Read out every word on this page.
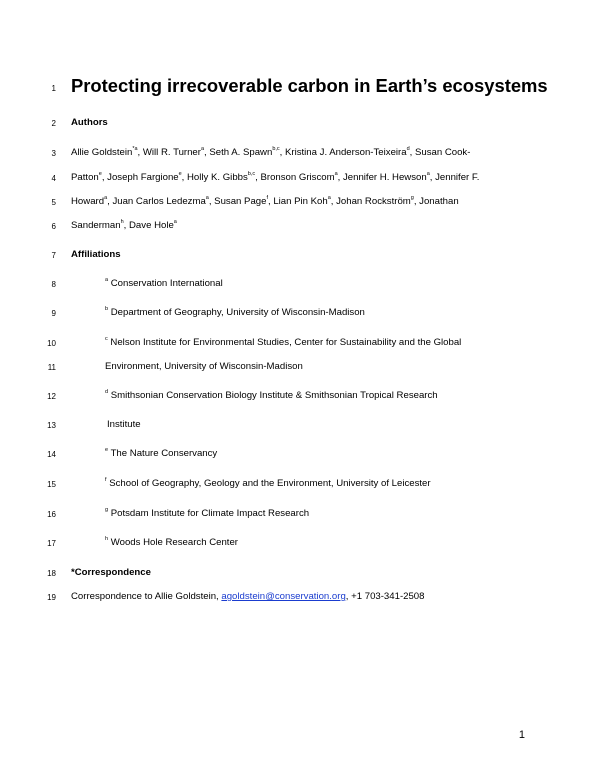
1 Protecting irrecoverable carbon in Earth’s ecosystems
2 Authors
3 Allie Goldstein$^{*a}$, Will R. Turner$^a$, Seth A. Spawn$^{b,c}$, Kristina J. Anderson-Teixeira$^d$, Susan Cook-
4 Patton$^e$, Joseph Fargione$^e$, Holly K. Gibbs$^{b,c}$, Bronson Griscom$^a$, Jennifer H. Hewson$^a$, Jennifer F.
5 Howard$^a$, Juan Carlos Ledezma$^a$, Susan Page$^f$, Lian Pin Koh$^a$, Johan Rockström$^g$, Jonathan
6 Sanderman$^h$, Dave Hole$^a$
7 Affiliations
8
$^a$ Conservation International
9
$^b$ Department of Geography, University of Wisconsin-Madison
10
$^c$ Nelson Institute for Environmental Studies, Center for Sustainability and the Global
11	Environment, University of Wisconsin-Madison
12
$^d$ Smithsonian Conservation Biology Institute & Smithsonian Tropical Research
13	Institute
14
$^e$ The Nature Conservancy
15
$^f$ School of Geography, Geology and the Environment, University of Leicester
16
$^g$ Potsdam Institute for Climate Impact Research
17
$^h$ Woods Hole Research Center
18 *Correspondence
19 Correspondence to Allie Goldstein, agoldstein@conservation.org, +1 703-341-2508
1
